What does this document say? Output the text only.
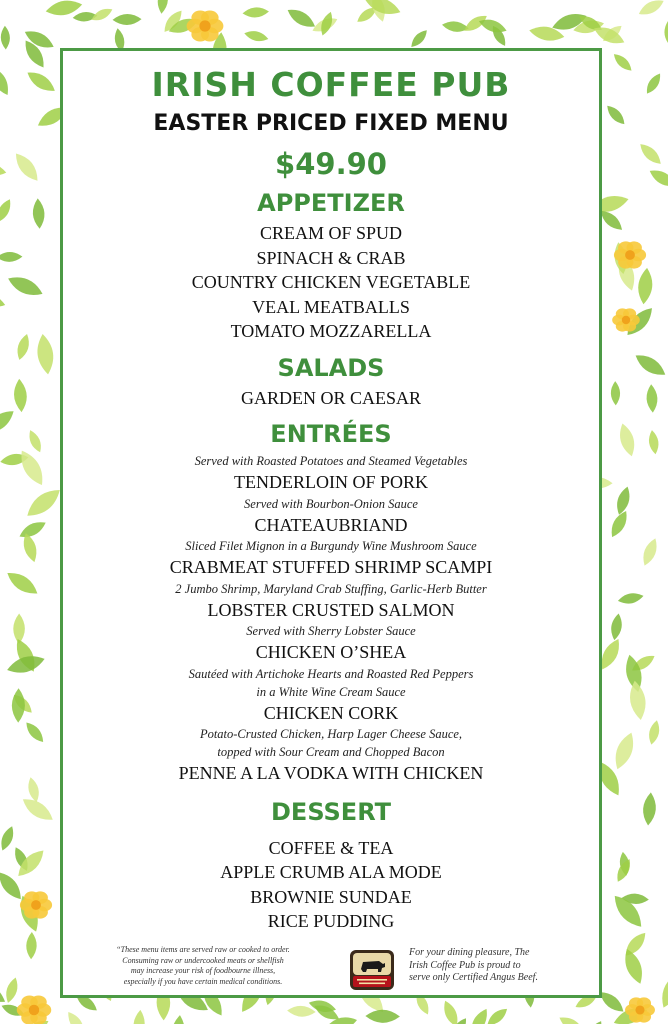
IRISH COFFEE PUB

EASTER PRICED FIXED MENU

$49.90

APPETIZER

CREAM OF SPUD

SPINACH & CRAB

COUNTRY CHICKEN VEGETABLE

VEAL MEATBALLS

TOMATO MOZZARELLA

SALADS

GARDEN OR CAESAR

ENTRÉES

Served with Roasted Potatoes and Steamed Vegetables

TENDERLOIN OF PORK

Served with Bourbon-Onion Sauce

CHATEAUBRIAND

Sliced Filet Mignon in a Burgundy Wine Mushroom Sauce

CRABMEAT STUFFED SHRIMP SCAMPI

2 Jumbo Shrimp, Maryland Crab Stuffing, Garlic-Herb Butter

LOBSTER CRUSTED SALMON

Served with Sherry Lobster Sauce

CHICKEN O’SHEA

Sautéed with Artichoke Hearts and Roasted Red Peppers

in a White Wine Cream Sauce

CHICKEN CORK

Potato-Crusted Chicken, Harp Lager Cheese Sauce,

topped with Sour Cream and Chopped Bacon

PENNE A LA VODKA WITH CHICKEN

DESSERT

COFFEE & TEA

APPLE CRUMB ALA MODE

BROWNIE SUNDAE

RICE PUDDING

“These menu items are served raw or cooked to order.
Consuming raw or undercooked meats or shellfish
may increase your risk of foodbourne illness,
especially if you have certain medical conditions.
For your dining pleasure, The
Irish Coffee Pub is proud to
serve only Certified Angus Beef.
